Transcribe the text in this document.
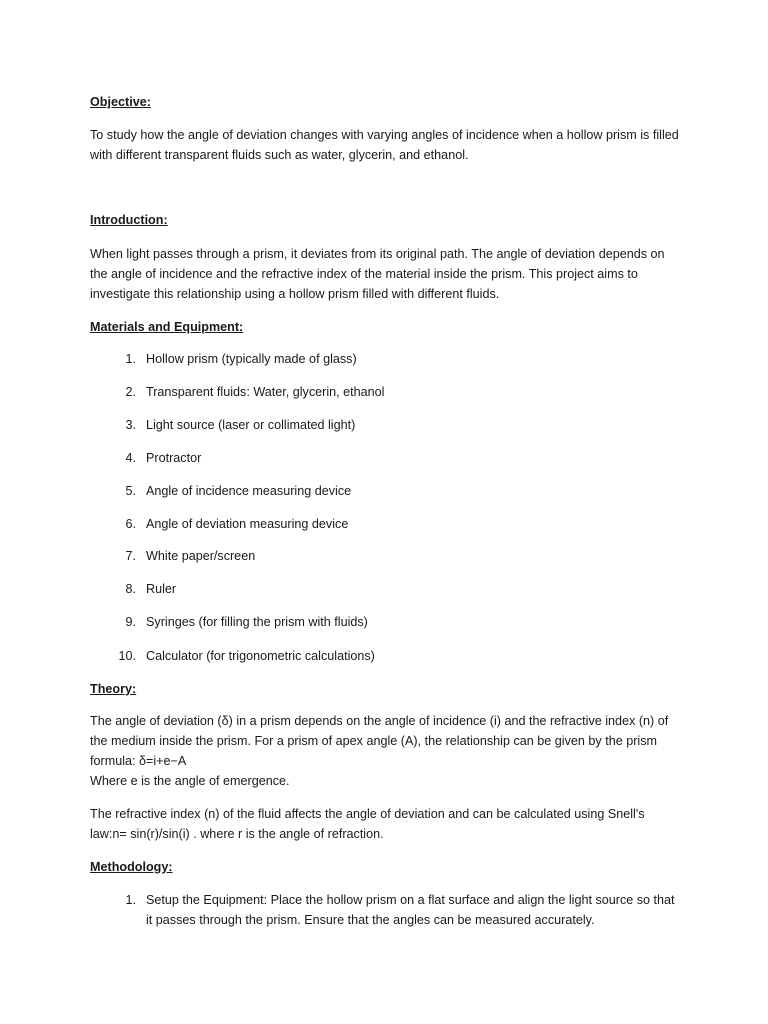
Objective:
To study how the angle of deviation changes with varying angles of incidence when a hollow prism is filled with different transparent fluids such as water, glycerin, and ethanol.
Introduction:
When light passes through a prism, it deviates from its original path. The angle of deviation depends on the angle of incidence and the refractive index of the material inside the prism. This project aims to investigate this relationship using a hollow prism filled with different fluids.
Materials and Equipment:
1. Hollow prism (typically made of glass)
2. Transparent fluids: Water, glycerin, ethanol
3. Light source (laser or collimated light)
4. Protractor
5. Angle of incidence measuring device
6. Angle of deviation measuring device
7. White paper/screen
8. Ruler
9. Syringes (for filling the prism with fluids)
10. Calculator (for trigonometric calculations)
Theory:
The angle of deviation (δ) in a prism depends on the angle of incidence (i) and the refractive index (n) of the medium inside the prism. For a prism of apex angle (A), the relationship can be given by the prism formula: δ=i+e−A
Where e is the angle of emergence.
The refractive index (n) of the fluid affects the angle of deviation and can be calculated using Snell's law:n= sin(r)/sin(i) . where r is the angle of refraction.
Methodology:
1. Setup the Equipment: Place the hollow prism on a flat surface and align the light source so that it passes through the prism. Ensure that the angles can be measured accurately.
